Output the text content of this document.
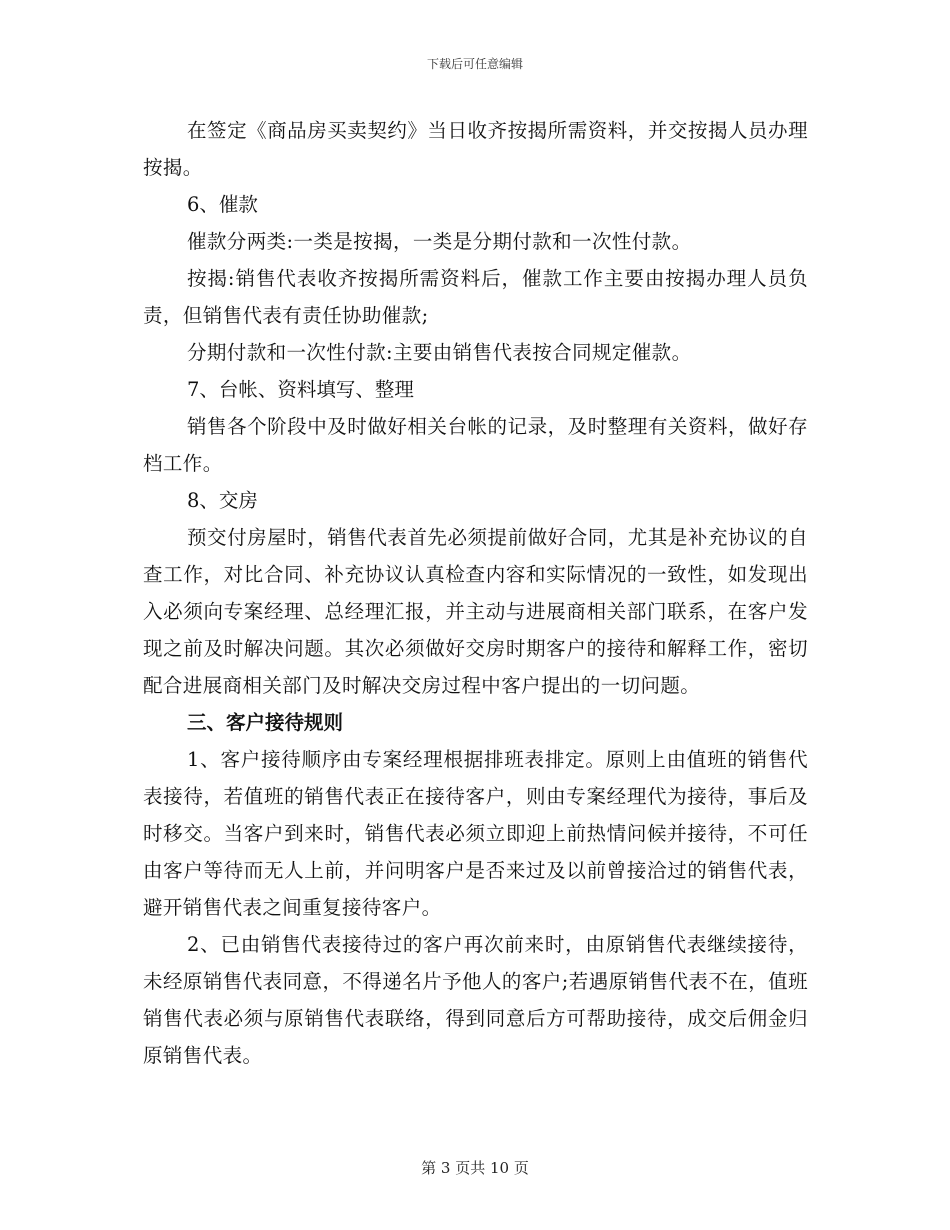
下载后可任意编辑

在签定《商品房买卖契约》当日收齐按揭所需资料，并交按揭人员办理按揭。

6、催款

催款分两类:一类是按揭，一类是分期付款和一次性付款。

按揭:销售代表收齐按揭所需资料后，催款工作主要由按揭办理人员负责，但销售代表有责任协助催款;

分期付款和一次性付款:主要由销售代表按合同规定催款。

7、台帐、资料填写、整理

销售各个阶段中及时做好相关台帐的记录，及时整理有关资料，做好存档工作。

8、交房

预交付房屋时，销售代表首先必须提前做好合同，尤其是补充协议的自查工作，对比合同、补充协议认真检查内容和实际情况的一致性，如发现出入必须向专案经理、总经理汇报，并主动与进展商相关部门联系，在客户发现之前及时解决问题。其次必须做好交房时期客户的接待和解释工作，密切配合进展商相关部门及时解决交房过程中客户提出的一切问题。

三、客户接待规则

1、客户接待顺序由专案经理根据排班表排定。原则上由值班的销售代表接待，若值班的销售代表正在接待客户，则由专案经理代为接待，事后及时移交。当客户到来时，销售代表必须立即迎上前热情问候并接待，不可任由客户等待而无人上前，并问明客户是否来过及以前曾接洽过的销售代表，避开销售代表之间重复接待客户。

2、已由销售代表接待过的客户再次前来时，由原销售代表继续接待，未经原销售代表同意，不得递名片予他人的客户;若遇原销售代表不在，值班销售代表必须与原销售代表联络，得到同意后方可帮助接待，成交后佣金归原销售代表。

第 3 页共 10 页
